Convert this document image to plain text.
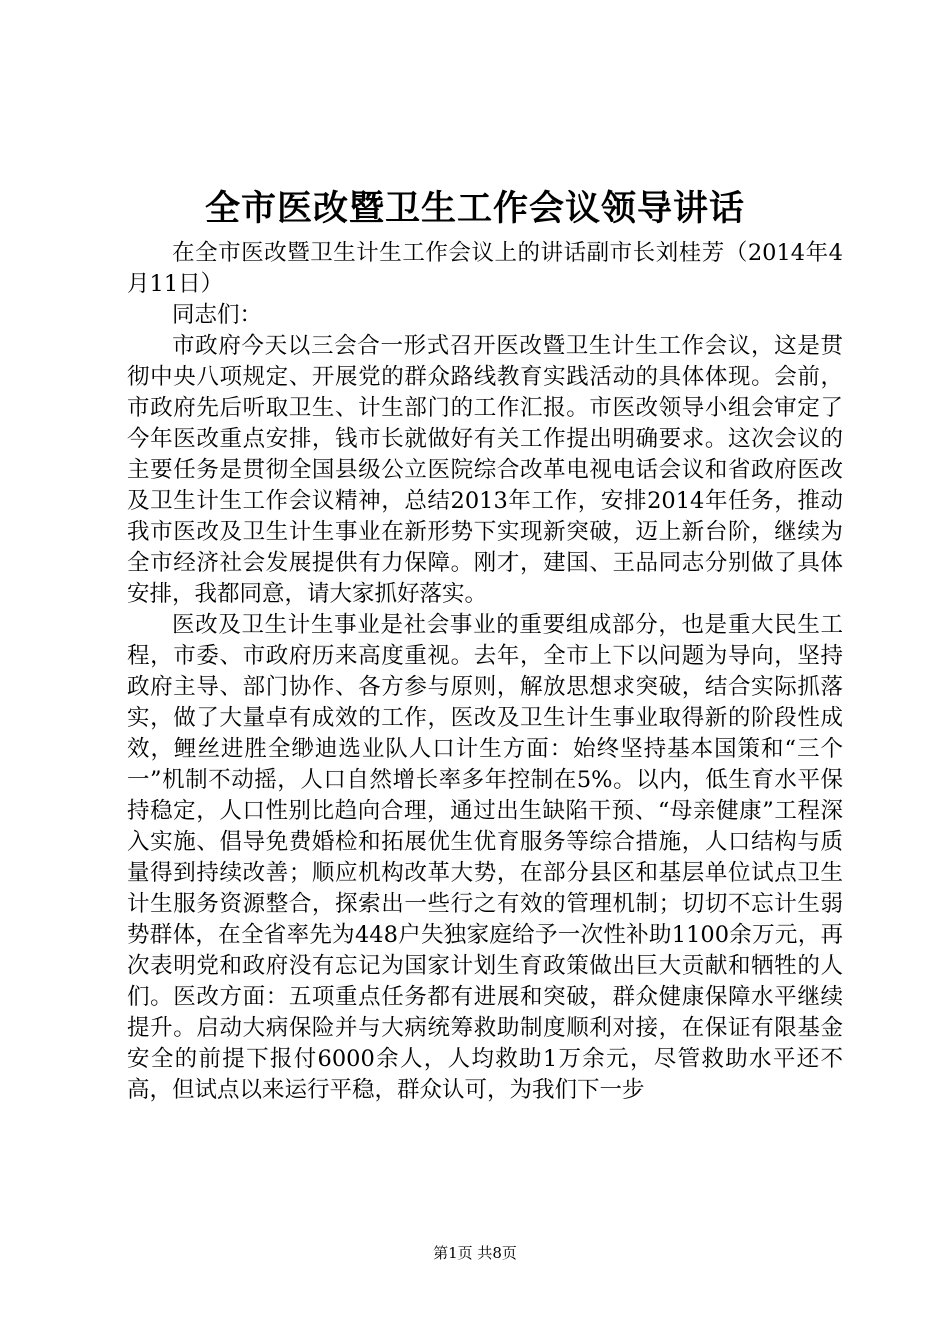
全市医改暨卫生工作会议领导讲话

在全市医改暨卫生计生工作会议上的讲话副市长刘桂芳（2014年4月11日）

同志们：

市政府今天以三会合一形式召开医改暨卫生计生工作会议，这是贯彻中央八项规定、开展党的群众路线教育实践活动的具体体现。会前，市政府先后听取卫生、计生部门的工作汇报。市医改领导小组会审定了今年医改重点安排，钱市长就做好有关工作提出明确要求。这次会议的主要任务是贯彻全国县级公立医院综合改革电视电话会议和省政府医改及卫生计生工作会议精神，总结2013年工作，安排2014年任务，推动我市医改及卫生计生事业在新形势下实现新突破，迈上新台阶，继续为全市经济社会发展提供有力保障。刚才，建国、王品同志分别做了具体安排，我都同意，请大家抓好落实。

医改及卫生计生事业是社会事业的重要组成部分，也是重大民生工程，市委、市政府历来高度重视。去年，全市上下以问题为导向，坚持政府主导、部门协作、各方参与原则，解放思想求突破，结合实际抓落实，做了大量卓有成效的工作，医改及卫生计生事业取得新的阶段性成效，鲤丝进胜全缈迪选业队人口计生方面：始终坚持基本国策和“三个一”机制不动摇，人口自然增长率多年控制在5%。以内，低生育水平保持稳定，人口性别比趋向合理，通过出生缺陷干预、“母亲健康”工程深入实施、倡导免费婚检和拓展优生优育服务等综合措施，人口结构与质量得到持续改善；顺应机构改革大势，在部分县区和基层单位试点卫生计生服务资源整合，探索出一些行之有效的管理机制；切切不忘计生弱势群体，在全省率先为448户失独家庭给予一次性补助1100余万元，再次表明党和政府没有忘记为国家计划生育政策做出巨大贡献和牺牲的人们。医改方面：五项重点任务都有进展和突破，群众健康保障水平继续提升。启动大病保险并与大病统筹救助制度顺利对接，在保证有限基金安全的前提下报付6000余人，人均救助1万余元，尽管救助水平还不高，但试点以来运行平稳，群众认可，为我们下一步

第1页 共8页
